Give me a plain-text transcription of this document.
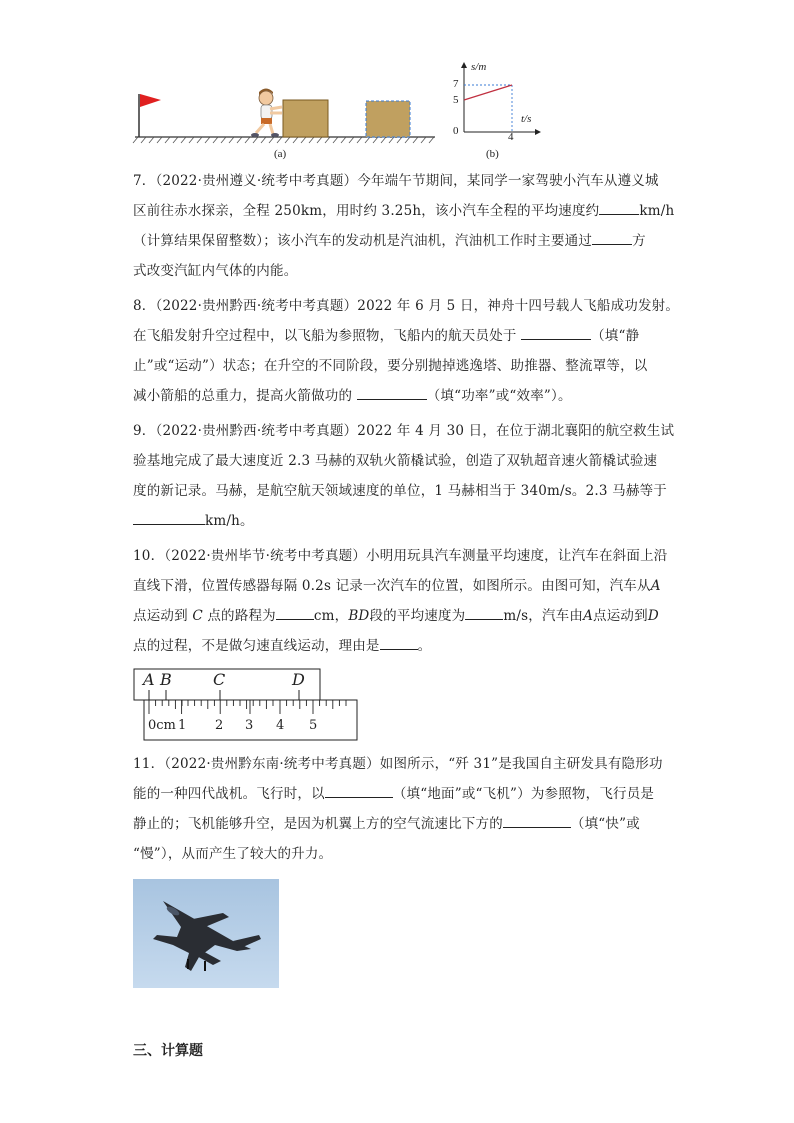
(a)
s/m
7
5
0
t/s
4
(b)

7．（2022·贵州遵义·统考中考真题）今年端午节期间，某同学一家驾驶小汽车从遵义城

区前往赤水探亲，全程 250km，用时约 3.25h，该小汽车全程的平均速度约	km/h

（计算结果保留整数）；该小汽车的发动机是汽油机，汽油机工作时主要通过	方

式改变汽缸内气体的内能。

8．（2022·贵州黔西·统考中考真题）2022 年 6 月 5 日，神舟十四号载人飞船成功发射。

在飞船发射升空过程中，以飞船为参照物，飞船内的航天员处于	（填“静

止”或“运动”）状态；在升空的不同阶段，要分别抛掉逃逸塔、助推器、整流罩等，以

减小箭船的总重力，提高火箭做功的	（填“功率”或“效率”）。

9．（2022·贵州黔西·统考中考真题）2022 年 4 月 30 日，在位于湖北襄阳的航空救生试

验基地完成了最大速度近 2.3 马赫的双轨火箭橇试验，创造了双轨超音速火箭橇试验速

度的新记录。马赫，是航空航天领域速度的单位，1 马赫相当于 340m/s。2.3 马赫等于

km/h。

10．（2022·贵州毕节·统考中考真题）小明用玩具汽车测量平均速度，让汽车在斜面上沿

直线下滑，位置传感器每隔 0.2s 记录一次汽车的位置，如图所示。由图可知，汽车从A

点运动到 C 点的路程为	cm，BD段的平均速度为	m/s，汽车由A点运动到D

点的过程，不是做匀速直线运动，理由是	。

A B	C	D
0cm 1 2 3 4 5

11．（2022·贵州黔东南·统考中考真题）如图所示，“歼 31”是我国自主研发具有隐形功

能的一种四代战机。飞行时，以	（填“地面”或“飞机”）为参照物，飞行员是

静止的；飞机能够升空，是因为机翼上方的空气流速比下方的	（填“快”或

“慢”），从而产生了较大的升力。

三、计算题
